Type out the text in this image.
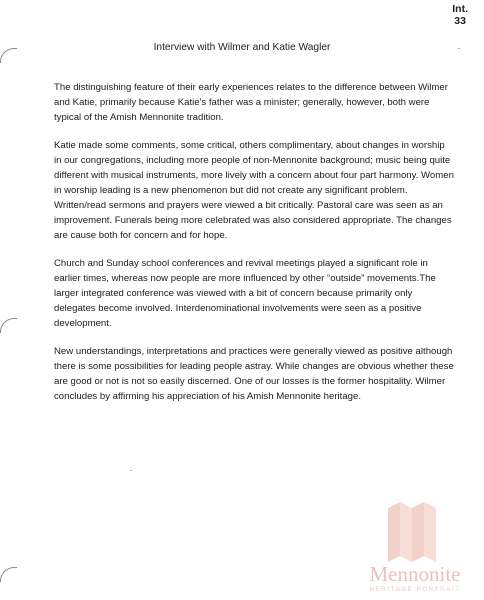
Int.
33
Interview with Wilmer and Katie Wagler

The distinguishing feature of their early experiences relates to the difference between Wilmer and Katie, primarily because Katie's father was a minister; generally, however, both were typical of the Amish Mennonite tradition.

Katie made some comments, some critical, others complimentary, about changes in worship in our congregations, including more people of non-Mennonite background; music being quite different with musical instruments, more lively with a concern about four part harmony. Women in worship leading is a new phenomenon but did not create any significant problem. Written/read sermons and prayers were viewed a bit critically. Pastoral care was seen as an improvement. Funerals being more celebrated was also considered appropriate. The changes are cause both for concern and for hope.

Church and Sunday school conferences and revival meetings played a significant role in earlier times, whereas now people are more influenced by other “outside” movements.The larger integrated conference was viewed with a bit of concern because primarily only delegates become involved. Interdenominational involvements were seen as a positive development.

New understandings, interpretations and practices were generally viewed as positive although there is some possibilities for leading people astray. While changes are obvious whether these are good or not is not so easily discerned. One of our losses is the former hospitality. Wilmer concludes by affirming his appreciation of his Amish Mennonite heritage.

Mennonite
HERITAGE PORTRAIT
